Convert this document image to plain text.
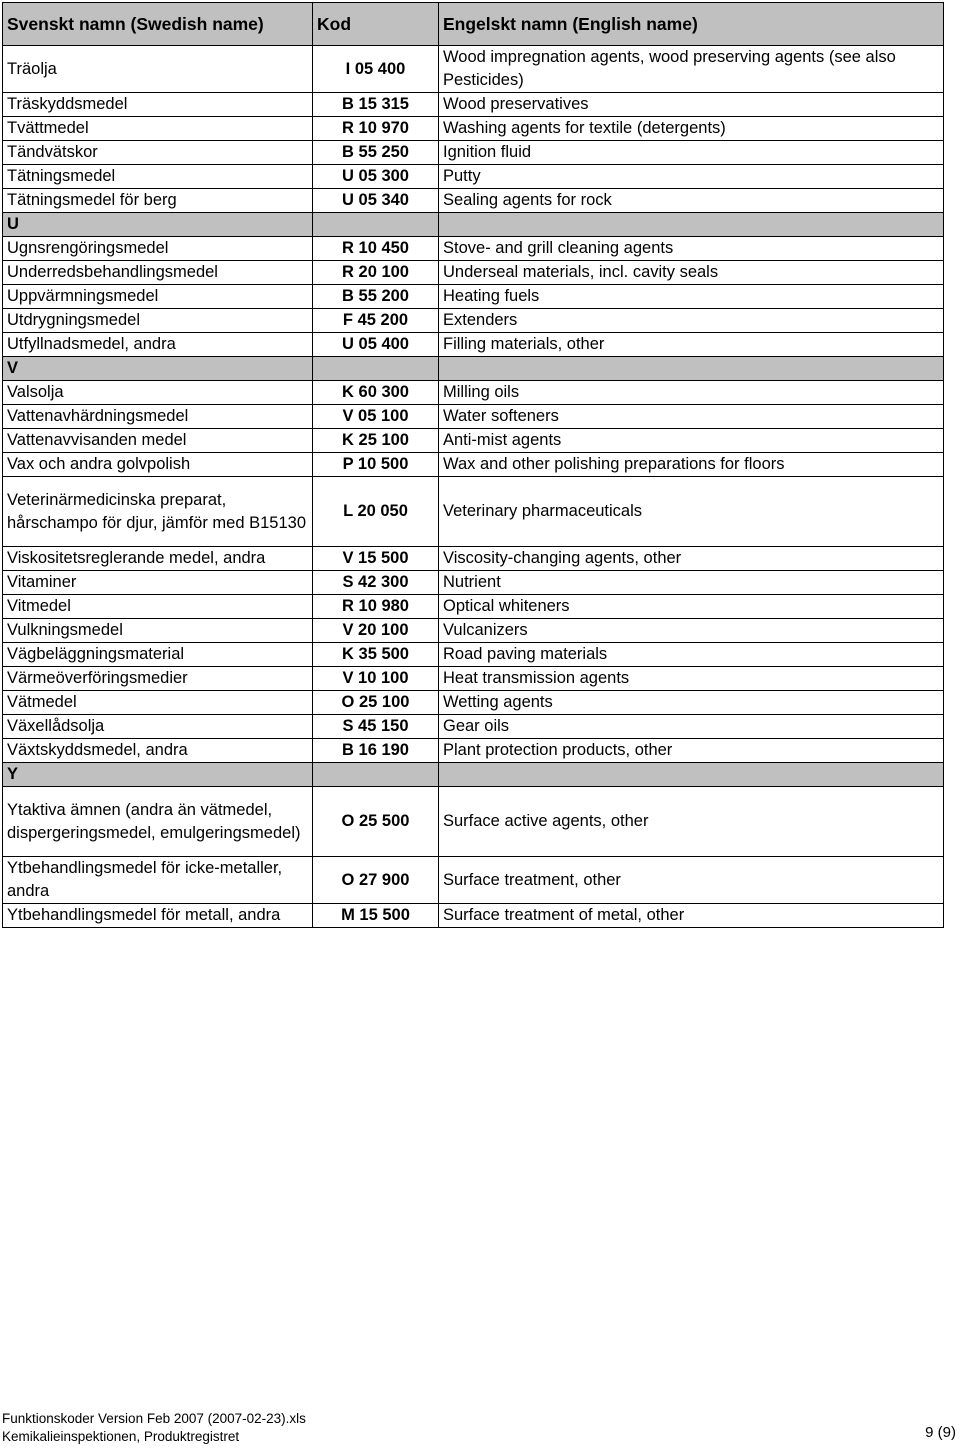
Svenskt namn (Swedish name)	Kod	Engelskt namn (English name)
Träolja	I 05 400	Wood impregnation agents, wood preserving agents (see also Pesticides)
Träskyddsmedel	B 15 315	Wood preservatives
Tvättmedel	R 10 970	Washing agents for textile (detergents)
Tändvätskor	B 55 250	Ignition fluid
Tätningsmedel	U 05 300	Putty
Tätningsmedel för berg	U 05 340	Sealing agents for rock
U		
Ugnsrengöringsmedel	R 10 450	Stove- and grill cleaning agents
Underredsbehandlingsmedel	R 20 100	Underseal materials, incl. cavity seals
Uppvärmningsmedel	B 55 200	Heating fuels
Utdrygningsmedel	F 45 200	Extenders
Utfyllnadsmedel, andra	U 05 400	Filling materials, other
V		
Valsolja	K 60 300	Milling oils
Vattenavhärdningsmedel	V 05 100	Water softeners
Vattenavvisanden medel	K 25 100	Anti-mist agents
Vax och andra golvpolish	P 10 500	Wax and other polishing preparations for floors
Veterinärmedicinska preparat, hårschampo för djur, jämför med B15130	L 20 050	Veterinary pharmaceuticals
Viskositetsreglerande medel, andra	V 15 500	Viscosity-changing agents, other
Vitaminer	S 42 300	Nutrient
Vitmedel	R 10 980	Optical whiteners
Vulkningsmedel	V 20 100	Vulcanizers
Vägbeläggningsmaterial	K 35 500	Road paving materials
Värmeöverföringsmedier	V 10 100	Heat transmission agents
Vätmedel	O 25 100	Wetting agents
Växellådsolja	S 45 150	Gear oils
Växtskyddsmedel, andra	B 16 190	Plant protection products, other
Y		
Ytaktiva ämnen (andra än vätmedel, dispergeringsmedel, emulgeringsmedel)	O 25 500	Surface active agents, other
Ytbehandlingsmedel för icke-metaller, andra	O 27 900	Surface treatment, other
Ytbehandlingsmedel för metall, andra	M 15 500	Surface treatment of metal, other
Funktionskoder Version Feb 2007 (2007-02-23).xls
Kemikalieinspektionen, Produktregistret	9 (9)
